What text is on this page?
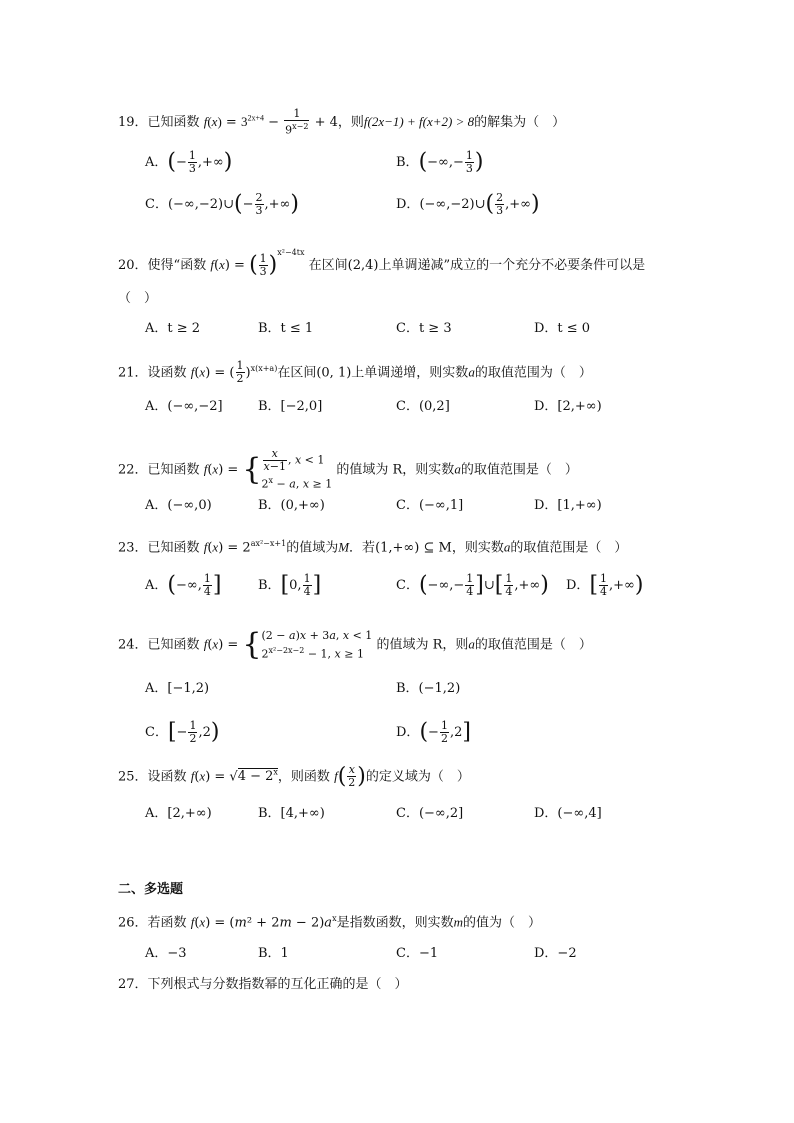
19．已知函数 $f(x) = 3^{2x+4} - \frac{1}{9^{x-2}} + 4$，则f(2x−1) + f(x+2) > 8的解集为（　）
A．(− $\frac{1}{3}$ ,+∞)	B．(−∞,− $\frac{1}{3}$ )
C．(−∞,−2)∪(− $\frac{2}{3}$ ,+∞)	D．(−∞,−2)∪( $\frac{2}{3}$ ,+∞)
20．使得“函数 f(x) = ( $\frac{1}{3} )^{x^2-4tx}$ 在区间(2,4)上单调递减”成立的一个充分不必要条件可以是
（　）
A．t ≥ 2	B．t ≤ 1	C．t ≥ 3	D．t ≤ 0
21．设函数 f(x) = ( $\frac{1}{2} )^{x(x+a)}$在区间(0, 1)上单调递增，则实数a的取值范围为（　）
A．(−∞,−2]	B．[−2,0]	C．(0,2]	D．[2,+∞)
22．已知函数 f(x) = { $\frac{x}{x-1}$ , x < 1
$2^x - a$, x ≥ 1 的值域为 R，则实数a的取值范围是（　）
A．(−∞,0)	B．(0,+∞)	C．(−∞,1]	D．[1,+∞)
23．已知函数 $f(x) = 2^{ax^2-x+1}$的值域为M．若(1,+∞) ⊆ M，则实数a的取值范围是（　）
A．(−∞, $\frac{1}{4}$ ]	B．[0, $\frac{1}{4}$ ]	C．(−∞,− $\frac{1}{4}$ ]∪[ $\frac{1}{4}$ ,+∞) D．[ $\frac{1}{4}$ ,+∞)
24．已知函数 f(x) = {(2 − a)x + 3a, x < 1
$2^{x^2-2x-2} - 1$, x ≥ 1 的值域为 R，则a的取值范围是（　）
A．[−1,2)	B．(−1,2)
C．[− $\frac{1}{2} ,2$)	D．(− $\frac{1}{2} ,2$]
25．设函数 $f(x) = √4 - 2^x$，则函数 $f( \frac{x}{2}$ )的定义域为（　）
A．[2,+∞)	B．[4,+∞)	C．(−∞,2]	D．(−∞,4]
二、多选题
26．若函数 $f(x) = (m^2 + 2m - 2)a^x$是指数函数，则实数m的值为（　）
A．−3	B．1	C．−1	D．−2
27．下列根式与分数指数幂的互化正确的是（　）
